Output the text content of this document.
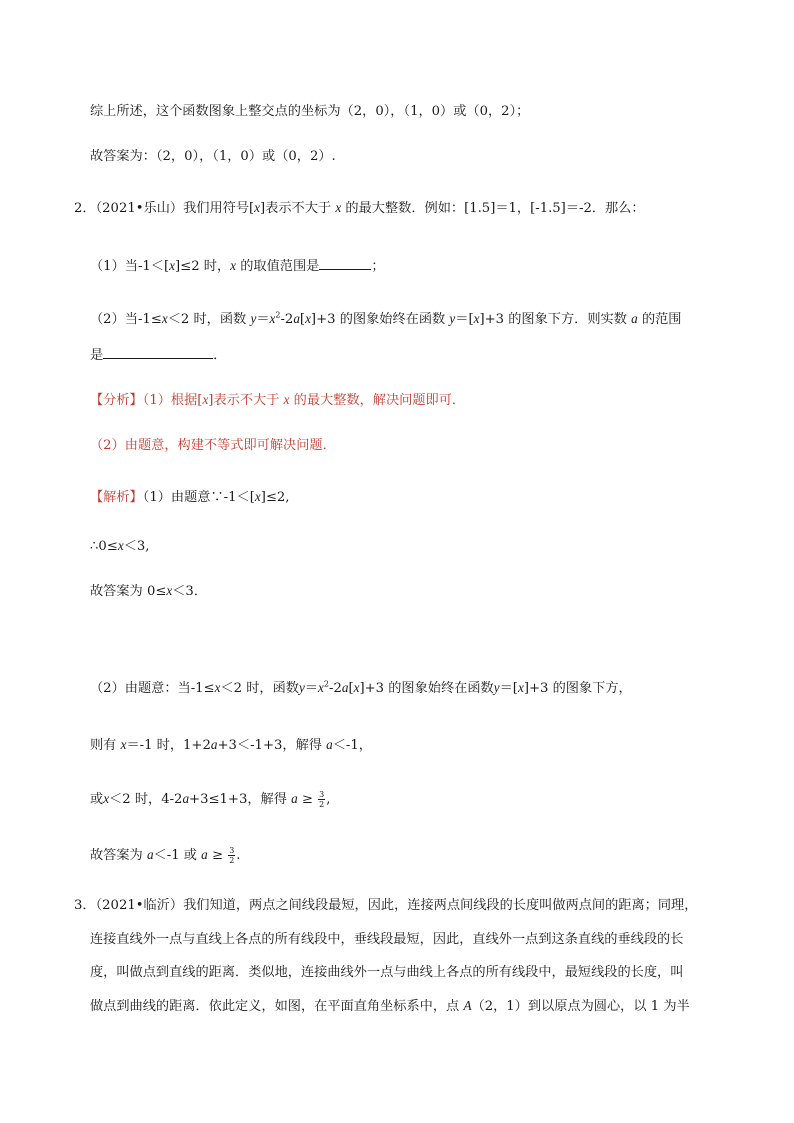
综上所述，这个函数图象上整交点的坐标为（2，0），（1，0）或（0，2）；
故答案为：（2，0），（1，0）或（0，2）.
2．（2021•乐山）我们用符号[x]表示不大于 x 的最大整数．例如：[1.5]＝1，[-1.5]＝-2．那么：
（1）当-1＜[x]≤2 时，x 的取值范围是	；
（2）当-1≤x＜2 时，函数 $y=x^2-2a[x]+3$ 的图象始终在函数 y＝[x]+3 的图象下方．则实数 a 的范围
是	．
【分析】（1）根据[x]表示不大于 x 的最大整数，解决问题即可．
（2）由题意，构建不等式即可解决问题．
【解析】（1）由题意∵-1＜[x]≤2,
∴0≤x＜3,
故答案为 0≤x＜3．
（2）由题意：当-1≤x＜2 时，函数$y=x^2-2a[x]+3$ 的图象始终在函数y＝[x]+3 的图象下方，
则有 x＝-1 时，1+2a+3＜-1+3，解得 a＜-1，
或x＜2 时，4-2a+3≤1+3，解得 $a \ge \frac{3}{2}$ ,
故答案为 a＜-1 或 $a \ge \frac{3}{2}$ .
3．（2021•临沂）我们知道，两点之间线段最短，因此，连接两点间线段的长度叫做两点间的距离；同理，
连接直线外一点与直线上各点的所有线段中，垂线段最短，因此，直线外一点到这条直线的垂线段的长
度，叫做点到直线的距离．类似地，连接曲线外一点与曲线上各点的所有线段中，最短线段的长度，叫
做点到曲线的距离．依此定义，如图，在平面直角坐标系中，点 A（2，1）到以原点为圆心，以 1 为半
